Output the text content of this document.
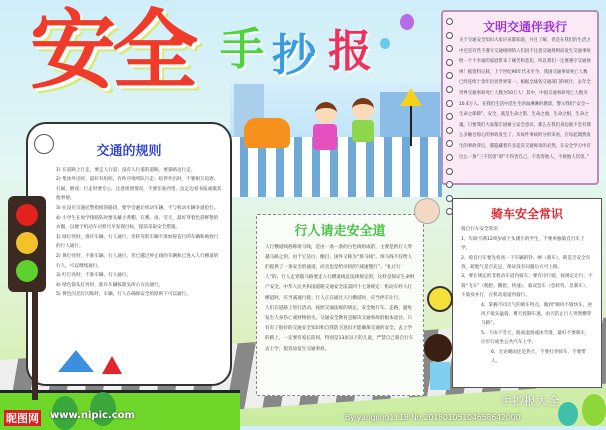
安全 手 抄 报
交通的规则

1) 在道路上行走，要走人行道；没有人行道的道路，要靠路边行走。

2) 集体外出时，最好有组织、有秩序地列队行走；结伴外出时，不要相互追逐、打闹、嬉戏；行走时要专心，注意周围情况，不要东张西望、边走边看书报或做其他事情。

3) 在没有交通民警指挥的路段，要学会避让机动车辆，不与机动车辆争道抢行。

4) 小学生在放学排路队时要头戴小黄帽，在雾、雨、雪天，最好穿着色彩鲜艳的衣服，以便于机动车司机尽早发现目标，提前采取安全措施。

1) 绿灯亮时，准许车辆、行人通行，但转弯的车辆不准妨碍直行的车辆和被放行的行人通行。

2) 黄灯亮时，不准车辆、行人通行，但已越过停止线的车辆和已进入人行横道的行人，可以继续通行。

3) 红灯亮时，不准车辆、行人通行。

4) 绿色箭头灯亮时，准许车辆按箭头所示方向通行。

5) 黄色闪光灯闪烁时，车辆、行人在确保安全的原则下可以通行。

文明交通伴我行

关于交通安全知识大家应该都知道，并且了解，但是在我们的生活之中还是有些不遵守交通规则的人们因不注意交通规则而发生交通事故给一个个幸福的家庭带来了痛苦和悲伤，所以我们一定要遵守交通规则！据资料记载，上个世纪90年代末至今，我国交通事故死亡人数已经连续十余年位居世界第一。根据全球各交通部门的统计，去年全世界交通事故死亡人数为50万人！其中，中国交通事故死亡人数为10.4万人。在我们生活中活生生的血淋淋的教训，警示我们“安全—生命之保障”，安全，就是生命之影，生命之曲，生命之根，生命之魂。只要我们大家都牢固树立安全意识，那么在我们身边就不会有那么多触目惊心的事故发生了。从每件事故的分析来看，在每起偶然发生的事故背后，都隐藏着许多违反交通规章的必然。在安全学习中有这么一条“三不伤害”即“不伤害自己，不伤害他人，不被他人伤害。”

行人请走安全道

人行横道线俗称斑马线，是由一条一条的白色线组成的，主要是供行人穿越马路之用。由于它洁白、醒目，国外又称为“斑马线”。斑马线不仅给人们提供了一条安全的通道，而且也是给司机的“减速慢行”、“礼让行人”的。行人走穿越马路要走人行横道线是法律规定的，这样是保证生命财产安全。中华人民共和国道路交通安全法第四十七条规定：机动车经人行横道时，应当减速行驶；行人正在通过人行横道时，应当停车让行。

人们在道路上进行活动，按照交通法规的规定，安全地行车、走路，避免发生人身伤亡或财物损失。交通安全教育是解决交通事故的根本途径。只有有了很好的交通安全知识和自我防卫意识才能确保交通的安全。去上学的路上，一定要有家长陪同，特别是13岁以下的儿童，严禁自己骑自行车去上学，很容易发生交通事故。

骑车安全常识

骑自行车安全常识：

1、年龄不满12周岁或个头矮小的学生，不要单独骑自行车上学。

2、骑自行车要先检查一下车辆的铃、闸（刹车）、锁是否安全有效，轮胎气是否充足，保证没有问题后方可上路。

3、要在规定的非机动车道内骑车；要有序行驶，按规定让行，不骑“飞车”（脱把、撒把、快速），骑双急车（急转弯、急刹车），不骑身并行，在机动道道内骑行。

4、掌握不同天气的骑车特点，做到“顺风不骑快车，逆风不低头猛骑，雾天控制车速，雨天防止行人突然横穿马路”。

5、下雨下雪天，路面湿滑或冰雪滑，最好不要骑车，应步行或坐公共汽车上学。

6、无论晴雨还是热天，不要打伞骑车，不要带人。

昵图网 www.nipic.com
手抄报大全
By:yangjing1118 No.20180105104658642000
